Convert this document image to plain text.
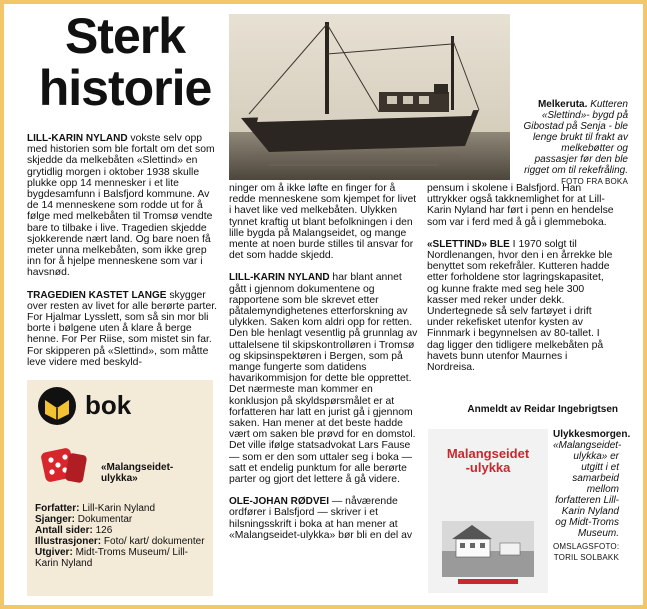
Sterk
historie	Melkeruta. Kutteren «Slettind»- bygd på Gibostad på Senja - ble lenge brukt til frakt av melkebøtter og passasjer før den ble rigget om til rekefråling. FOTO FRA BOKA

LILL-KARIN NYLAND vokste selv opp med historien som ble fortalt om det som skjedde da melkebåten «Slettind» en grytidlig morgen i oktober 1938 skulle plukke opp 14 mennesker i et lite bygdesamfunn i Balsfjord kommune. Av de 14 menneskene som rodde ut for å følge med melkebåten til Tromsø vendte bare to tilbake i live. Tragedien skjedde sjokkerende nært land. Og bare noen få meter unna melkebåten, som ikke grep inn for å hjelpe menneskene som var i havsnød.

TRAGEDIEN KASTET LANGE skygger over resten av livet for alle berørte parter. For Hjalmar Lysslett, som så sin mor bli borte i bølgene uten å klare å berge henne. For Per Riise, som mistet sin far. For skipperen på «Slettind», som måtte leve videre med beskyld-

bok
«Malangseidet-ulykka»
Forfatter: Lill-Karin Nyland
Sjanger: Dokumentar
Antall sider: 126
Illustrasjoner: Foto/ kart/ dokumenter
Utgiver: Midt-Troms Museum/ Lill-Karin Nyland

ninger om å ikke løfte en finger for å redde menneskene som kjempet for livet i havet like ved melkebåten. Ulykken tynnet kraftig ut blant befolkningen i den lille bygda på Malangseidet, og mange mente at noen burde stilles til ansvar for det som hadde skjedd.

LILL-KARIN NYLAND har blant annet gått i gjennom dokumentene og rapportene som ble skrevet etter påtalemyndighetenes etterforskning av ulykken. Saken kom aldri opp for retten. Den ble henlagt vesentlig på grunnlag av uttalelsene til skipskontrolløren i Tromsø og skipsinspektøren i Bergen, som på mange fungerte som datidens havarikommisjon for dette ble opprettet. Det nærmeste man kommer en konklusjon på skyldspørsmålet er at forfatteren har latt en jurist gå i gjennom saken. Han mener at det beste hadde vært om saken ble prøvd for en domstol. Det ville ifølge statsadvokat Lars Fause — som er den som uttaler seg i boka — satt et endelig punktum for alle berørte parter og gjort det lettere å gå videre.

OLE-JOHAN RØDVEI — nåværende ordfører i Balsfjord — skriver i et hilsningsskrift i boka at han mener at «Malangseidet-ulykka» bør bli en del av

pensum i skolene i Balsfjord. Han uttrykker også takknemlighet for at Lill-Karin Nyland har ført i penn en hendelse som var i ferd med å gå i glemmeboka.

«SLETTIND» BLE I 1970 solgt til Nordlenangen, hvor den i en årrekke ble benyttet som rekefråler. Kutteren hadde etter forholdene stor lagringskapasitet, og kunne frakte med seg hele 300 kasser med reker under dekk. Undertegnede så selv fartøyet i drift under rekefisket utenfor kysten av Finnmark i begynnelsen av 80-tallet. I dag ligger den tidligere melkebåten på havets bunn utenfor Maurnes i Nordreisa.

Anmeldt av Reidar Ingebrigtsen
Malangseidet
-ulykka
Ulykkesmorgen. «Malangseidet-ulykka» er utgitt i et samarbeid mellom forfatteren Lill-Karin Nyland og Midt-Troms Museum.
OMSLAGSFOTO: TORIL SOLBAKK
